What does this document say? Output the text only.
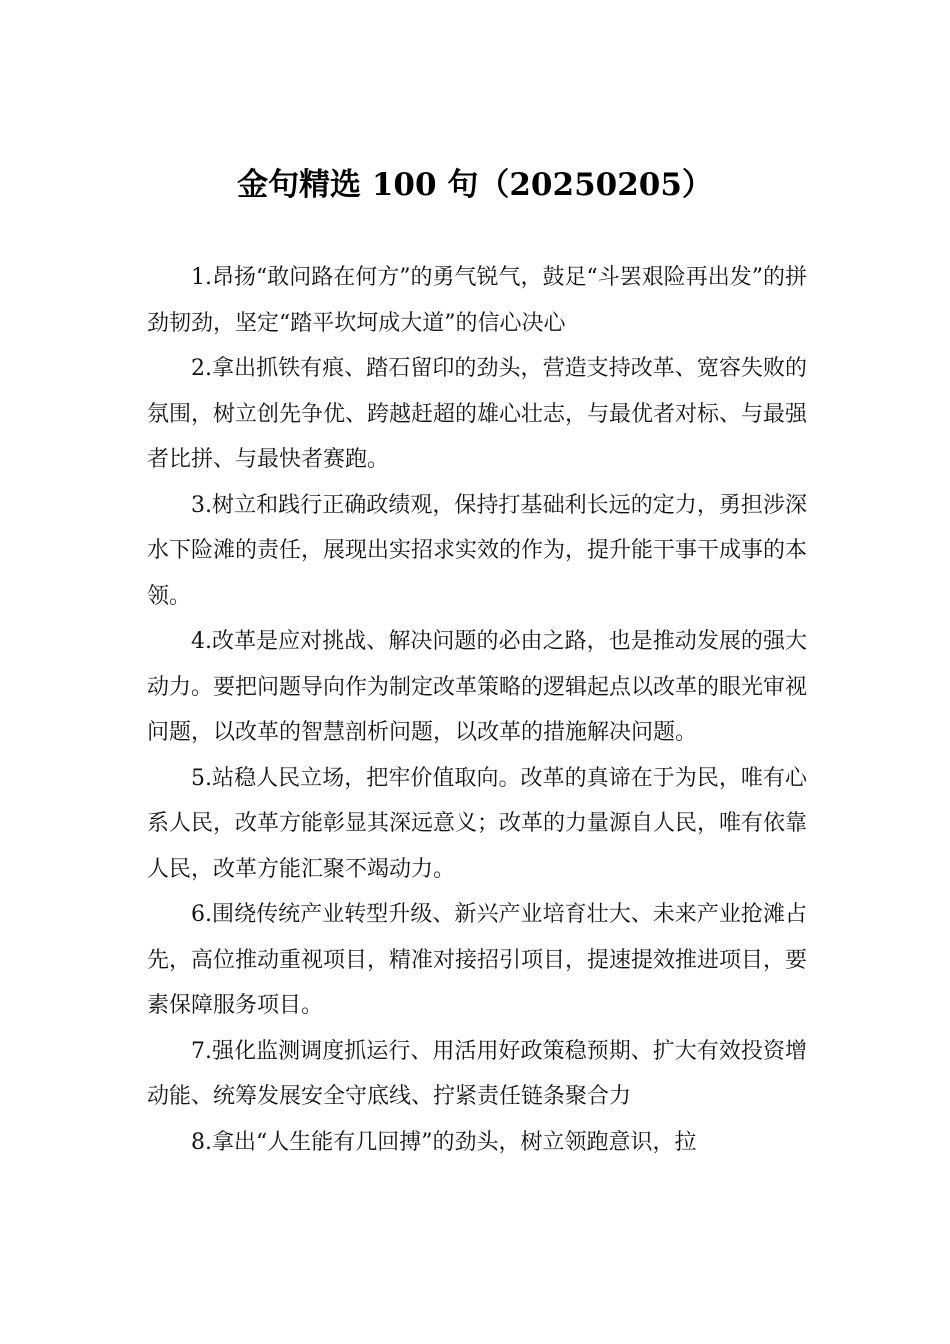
金句精选 100 句（20250205）

1.昂扬“敢问路在何方”的勇气锐气，鼓足“斗罢艰险再出发”的拼劲韧劲，坚定“踏平坎坷成大道”的信心决心

2.拿出抓铁有痕、踏石留印的劲头，营造支持改革、宽容失败的氛围，树立创先争优、跨越赶超的雄心壮志，与最优者对标、与最强者比拼、与最快者赛跑。

3.树立和践行正确政绩观，保持打基础利长远的定力，勇担涉深水下险滩的责任，展现出实招求实效的作为，提升能干事干成事的本领。

4.改革是应对挑战、解决问题的必由之路，也是推动发展的强大动力。要把问题导向作为制定改革策略的逻辑起点以改革的眼光审视问题，以改革的智慧剖析问题，以改革的措施解决问题。

5.站稳人民立场，把牢价值取向。改革的真谛在于为民，唯有心系人民，改革方能彰显其深远意义；改革的力量源自人民，唯有依靠人民，改革方能汇聚不竭动力。

6.围绕传统产业转型升级、新兴产业培育壮大、未来产业抢滩占先，高位推动重视项目，精准对接招引项目，提速提效推进项目，要素保障服务项目。

7.强化监测调度抓运行、用活用好政策稳预期、扩大有效投资增动能、统筹发展安全守底线、拧紧责任链条聚合力

8.拿出“人生能有几回搏”的劲头，树立领跑意识，拉
